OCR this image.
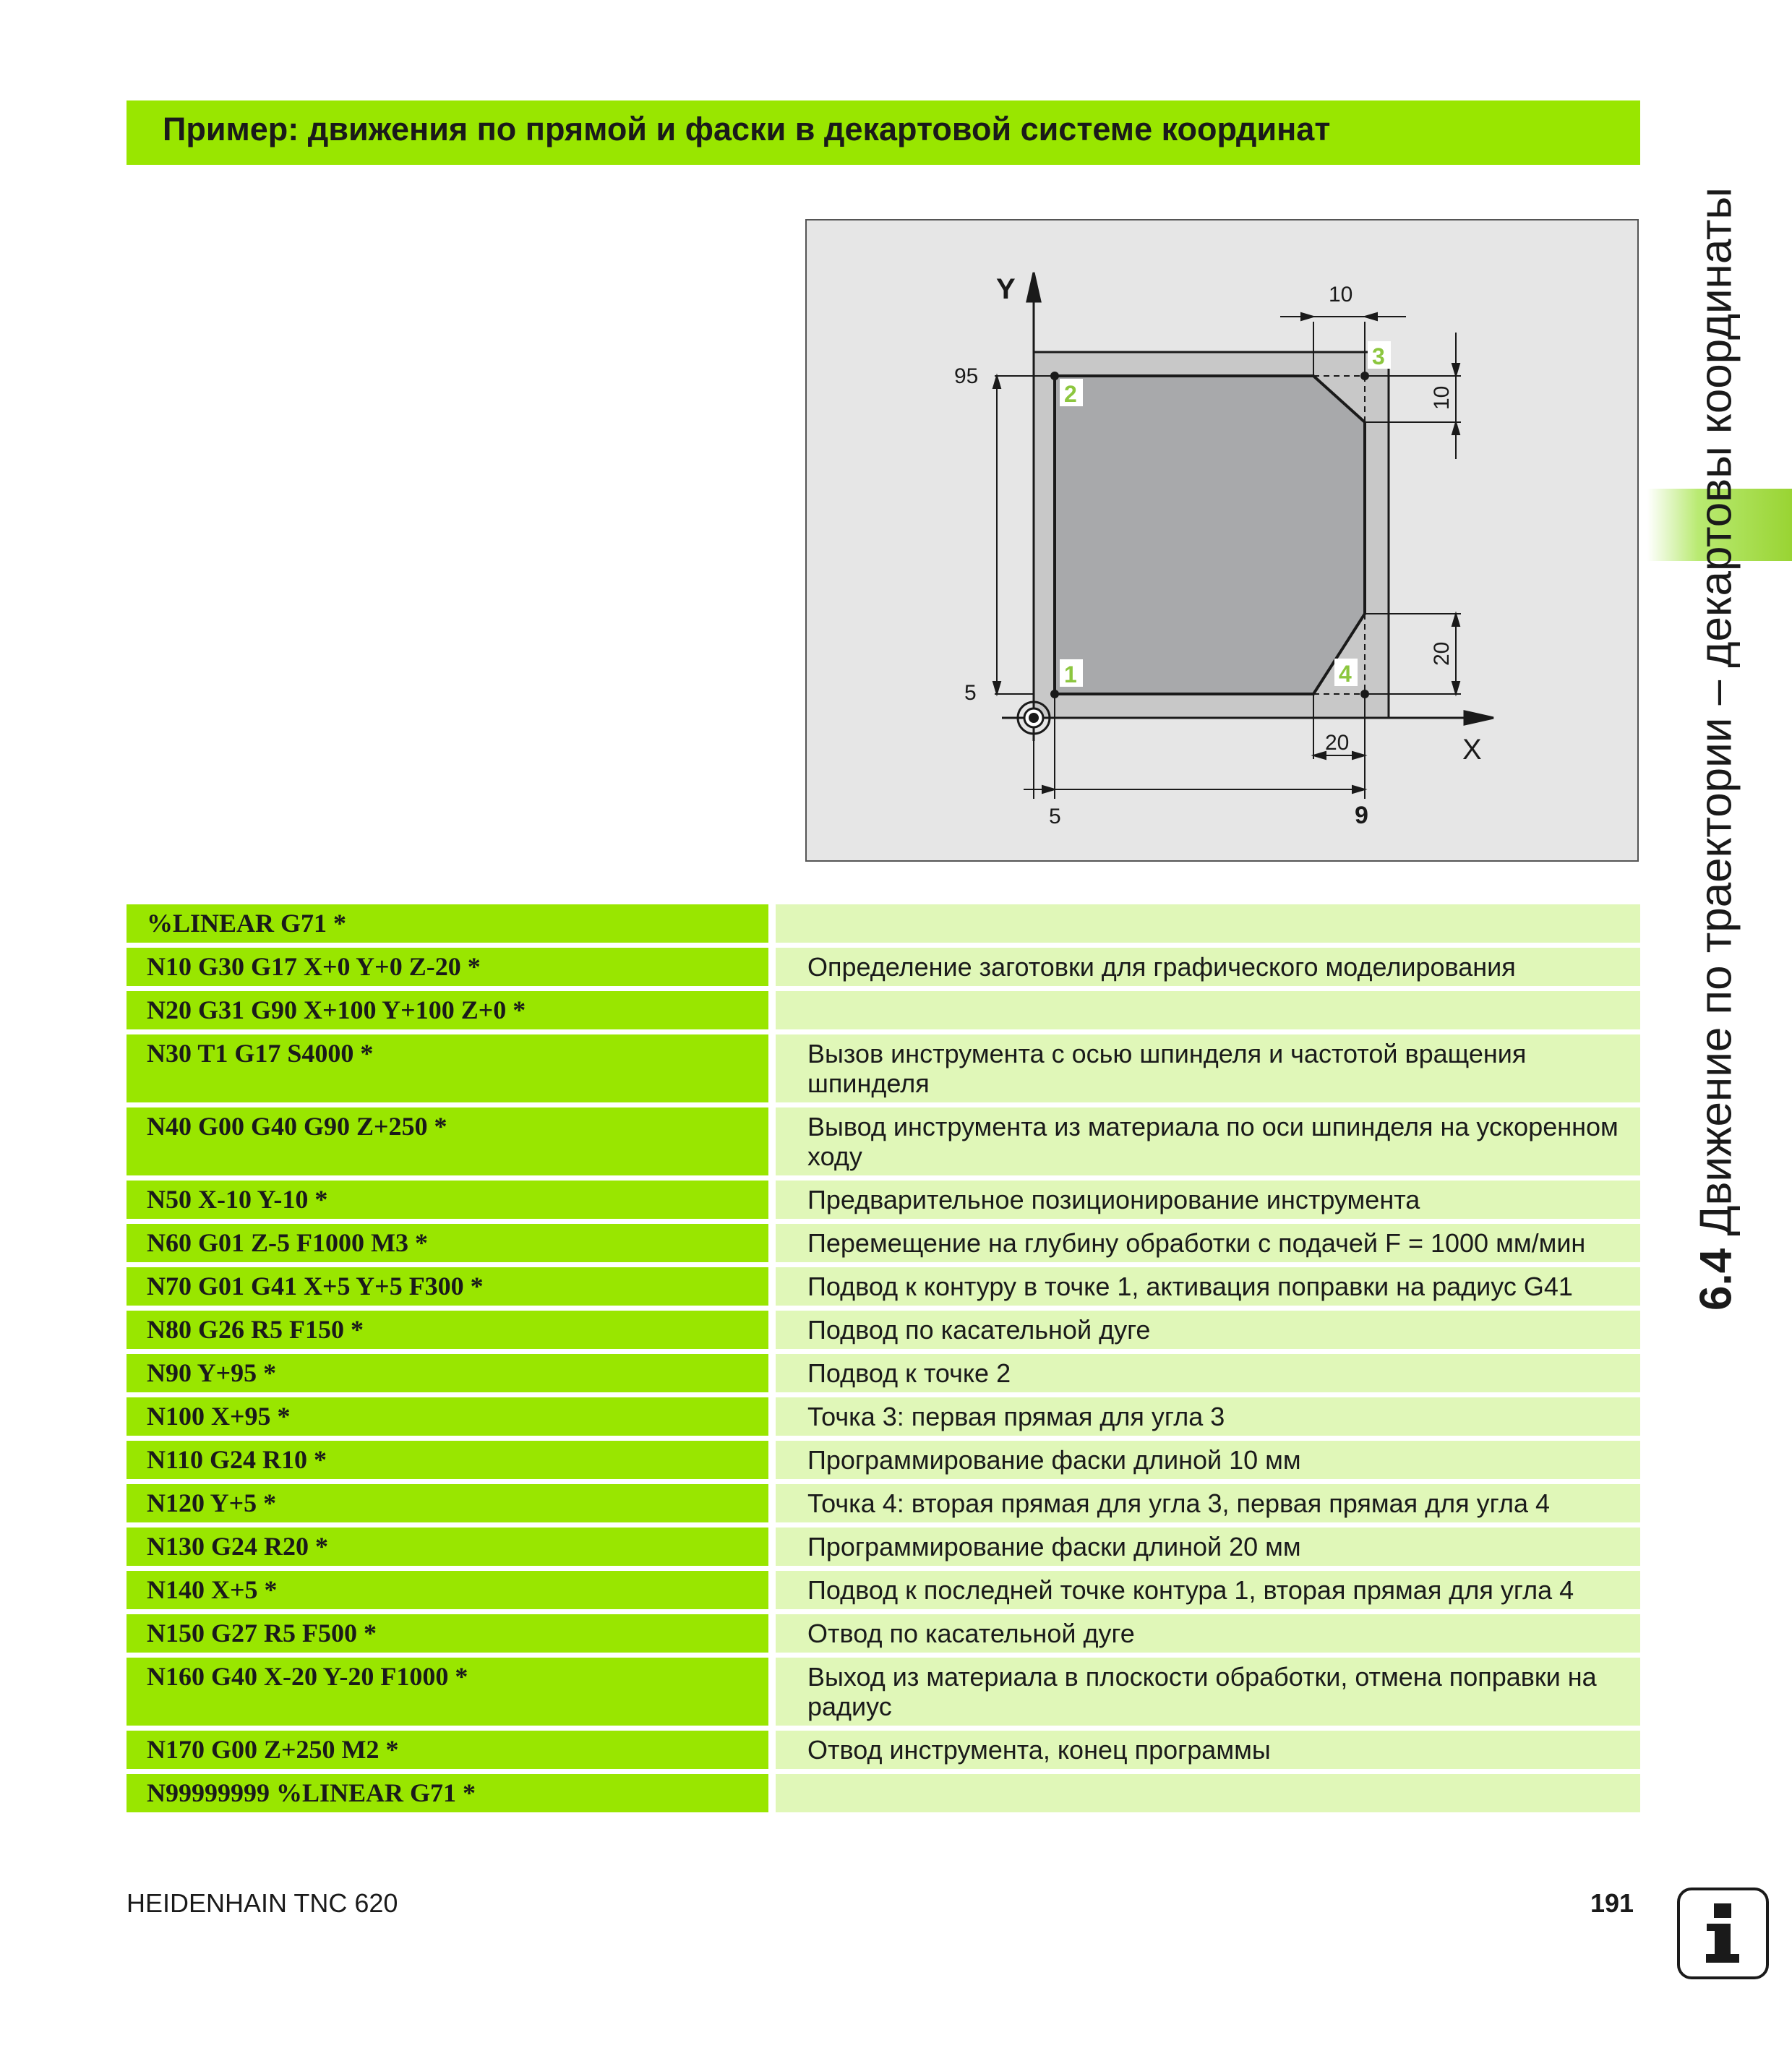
Пример: движения по прямой и фаски в декартовой системе координат
Y
X
95
5
5	9
10
20
10
20
2
1
3
4
6.4 Движение по траектории – декартовы координаты
%LINEAR G71 *		
N10 G30 G17 X+0 Y+0 Z-20 *		Определение заготовки для графического моделирования
N20 G31 G90 X+100 Y+100 Z+0 *		
N30 T1 G17 S4000 *		Вызов инструмента с осью шпинделя и частотой вращения шпинделя
N40 G00 G40 G90 Z+250 *		Вывод инструмента из материала по оси шпинделя на ускоренном ходу
N50 X-10 Y-10 *		Предварительное позиционирование инструмента
N60 G01 Z-5 F1000 M3 *		Перемещение на глубину обработки с подачей F = 1000 мм/мин
N70 G01 G41 X+5 Y+5 F300 *		Подвод к контуру в точке 1, активация поправки на радиус G41
N80 G26 R5 F150 *		Подвод по касательной дуге
N90 Y+95 *		Подвод к точке 2
N100 X+95 *		Точка 3: первая прямая для угла 3
N110 G24 R10 *		Программирование фаски длиной 10 мм
N120 Y+5 *		Точка 4: вторая прямая для угла 3, первая прямая для угла 4
N130 G24 R20 *		Программирование фаски длиной 20 мм
N140 X+5 *		Подвод к последней точке контура 1, вторая прямая для угла 4
N150 G27 R5 F500 *		Отвод по касательной дуге
N160 G40 X-20 Y-20 F1000 *		Выход из материала в плоскости обработки, отмена поправки на радиус
N170 G00 Z+250 M2 *		Отвод инструмента, конец программы
N99999999 %LINEAR G71 *		
HEIDENHAIN TNC 620	191
